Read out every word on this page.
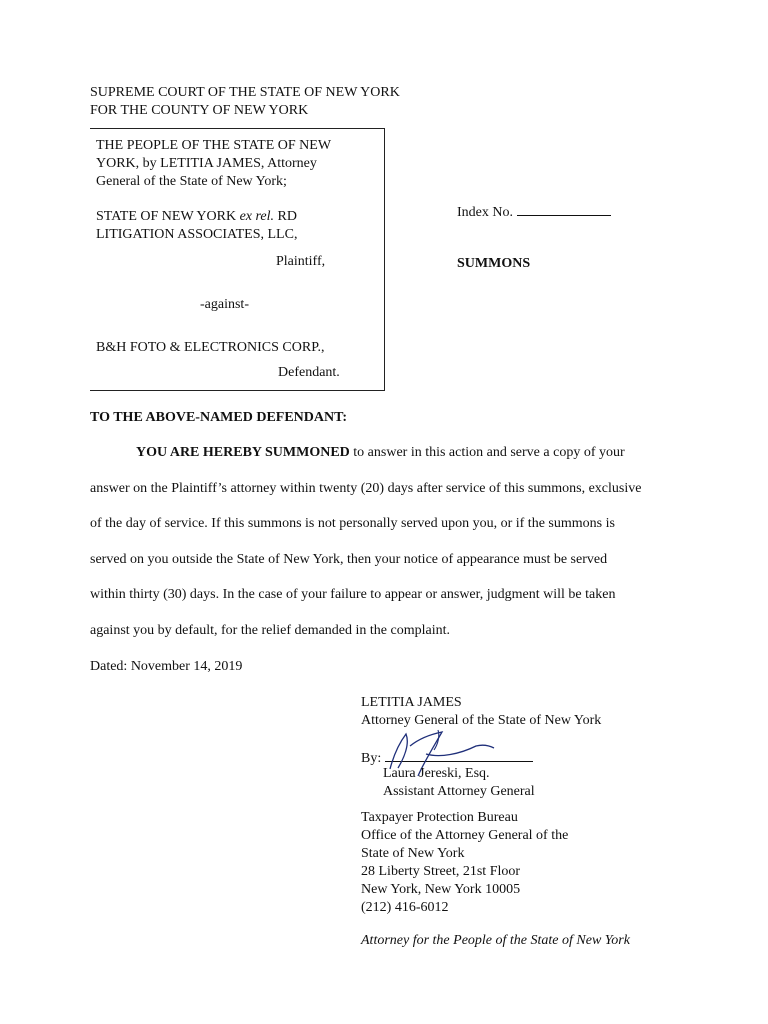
SUPREME COURT OF THE STATE OF NEW YORK
FOR THE COUNTY OF NEW YORK
THE PEOPLE OF THE STATE OF NEW
YORK, by LETITIA JAMES, Attorney
General of the State of New York;
STATE OF NEW YORK ex rel. RD
LITIGATION ASSOCIATES, LLC,
Plaintiff,
-against-
B&H FOTO & ELECTRONICS CORP.,
Defendant.
Index No.
SUMMONS
TO THE ABOVE-NAMED DEFENDANT:
YOU ARE HEREBY SUMMONED to answer in this action and serve a copy of your
answer on the Plaintiff’s attorney within twenty (20) days after service of this summons, exclusive
of the day of service. If this summons is not personally served upon you, or if the summons is
served on you outside the State of New York, then your notice of appearance must be served
within thirty (30) days. In the case of your failure to appear or answer, judgment will be taken
against you by default, for the relief demanded in the complaint.
Dated: November 14, 2019
LETITIA JAMES
Attorney General of the State of New York
By:
Laura Jereski, Esq.
Assistant Attorney General
Taxpayer Protection Bureau
Office of the Attorney General of the
State of New York
28 Liberty Street, 21st Floor
New York, New York 10005
(212) 416-6012
Attorney for the People of the State of New York
